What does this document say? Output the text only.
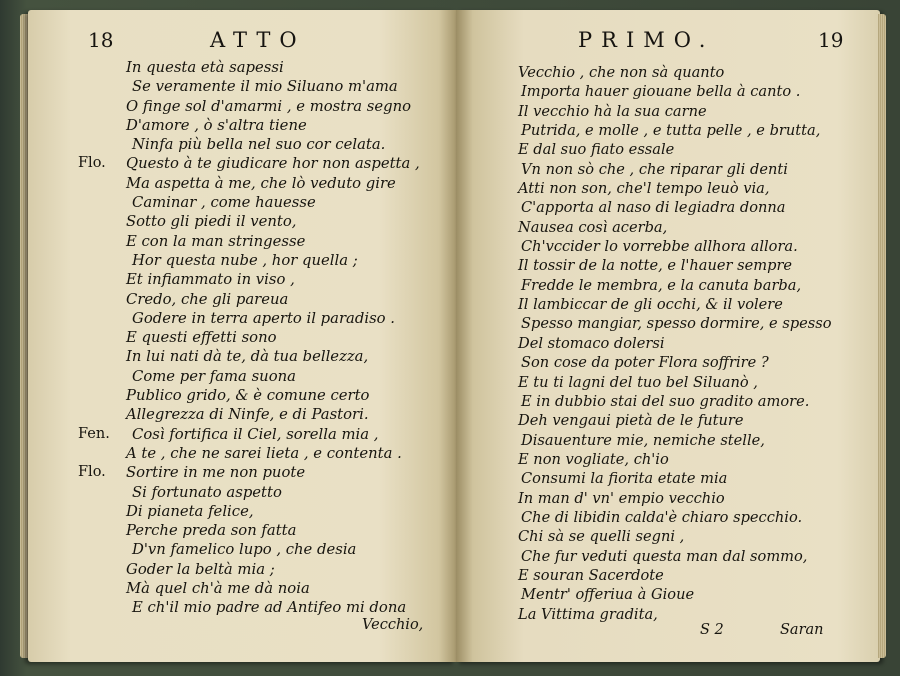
18	ATTO	PRIMO.	19
In questa età sapessi
Se veramente il mio Siluano m'ama
O finge sol d'amarmi , e mostra segno
D'amore , ò s'altra tiene
Ninfa più bella nel suo cor celata.
Flo. Questo à te giudicare hor non aspetta ,
Ma aspetta à me, che lò veduto gire
Caminar , come hauesse
Sotto gli piedi il vento,
E con la man stringesse
Hor questa nube , hor quella ;
Et infiammato in viso ,
Credo, che gli pareua
Godere in terra aperto il paradiso .
E questi effetti sono
In lui nati dà te, dà tua bellezza,
Come per fama suona
Publico grido, & è comune certo
Allegrezza di Ninfe, e di Pastori.
Fen. Così fortifica il Ciel, sorella mia ,
A te , che ne sarei lieta , e contenta .
Flo. Sortire in me non puote
Si fortunato aspetto
Di pianeta felice,
Perche preda son fatta
D'vn famelico lupo , che desia
Goder la beltà mia ;
Mà quel ch'à me dà noia
E ch'il mio padre ad Antifeo mi dona
Vecchio , che non sà quanto
Importa hauer giouane bella à canto .
Il vecchio hà la sua carne
Putrida, e molle , e tutta pelle , e brutta,
E dal suo fiato essale
Vn non sò che , che riparar gli denti
Atti non son, che'l tempo leuò via,
C'apporta al naso di legiadra donna
Nausea così acerba,
Ch'vccider lo vorrebbe allhora allora.
Il tossir de la notte, e l'hauer sempre
Fredde le membra, e la canuta barba,
Il lambiccar de gli occhi, & il volere
Spesso mangiar, spesso dormire, e spesso
Del stomaco dolersi
Son cose da poter Flora soffrire ?
E tu ti lagni del tuo bel Siluanò ,
E in dubbio stai del suo gradito amore.
Deh vengaui pietà de le future
Disauenture mie, nemiche stelle,
E non vogliate, ch'io
Consumi la fiorita etate mia
In man d' vn' empio vecchio
Che di libidin calda'è chiaro specchio.
Chi sà se quelli segni ,
Che fur veduti questa man dal sommo,
E souran Sacerdote
Mentr' offeriua à Gioue
La Vittima gradita,
Vecchio,	S 2	Saran
